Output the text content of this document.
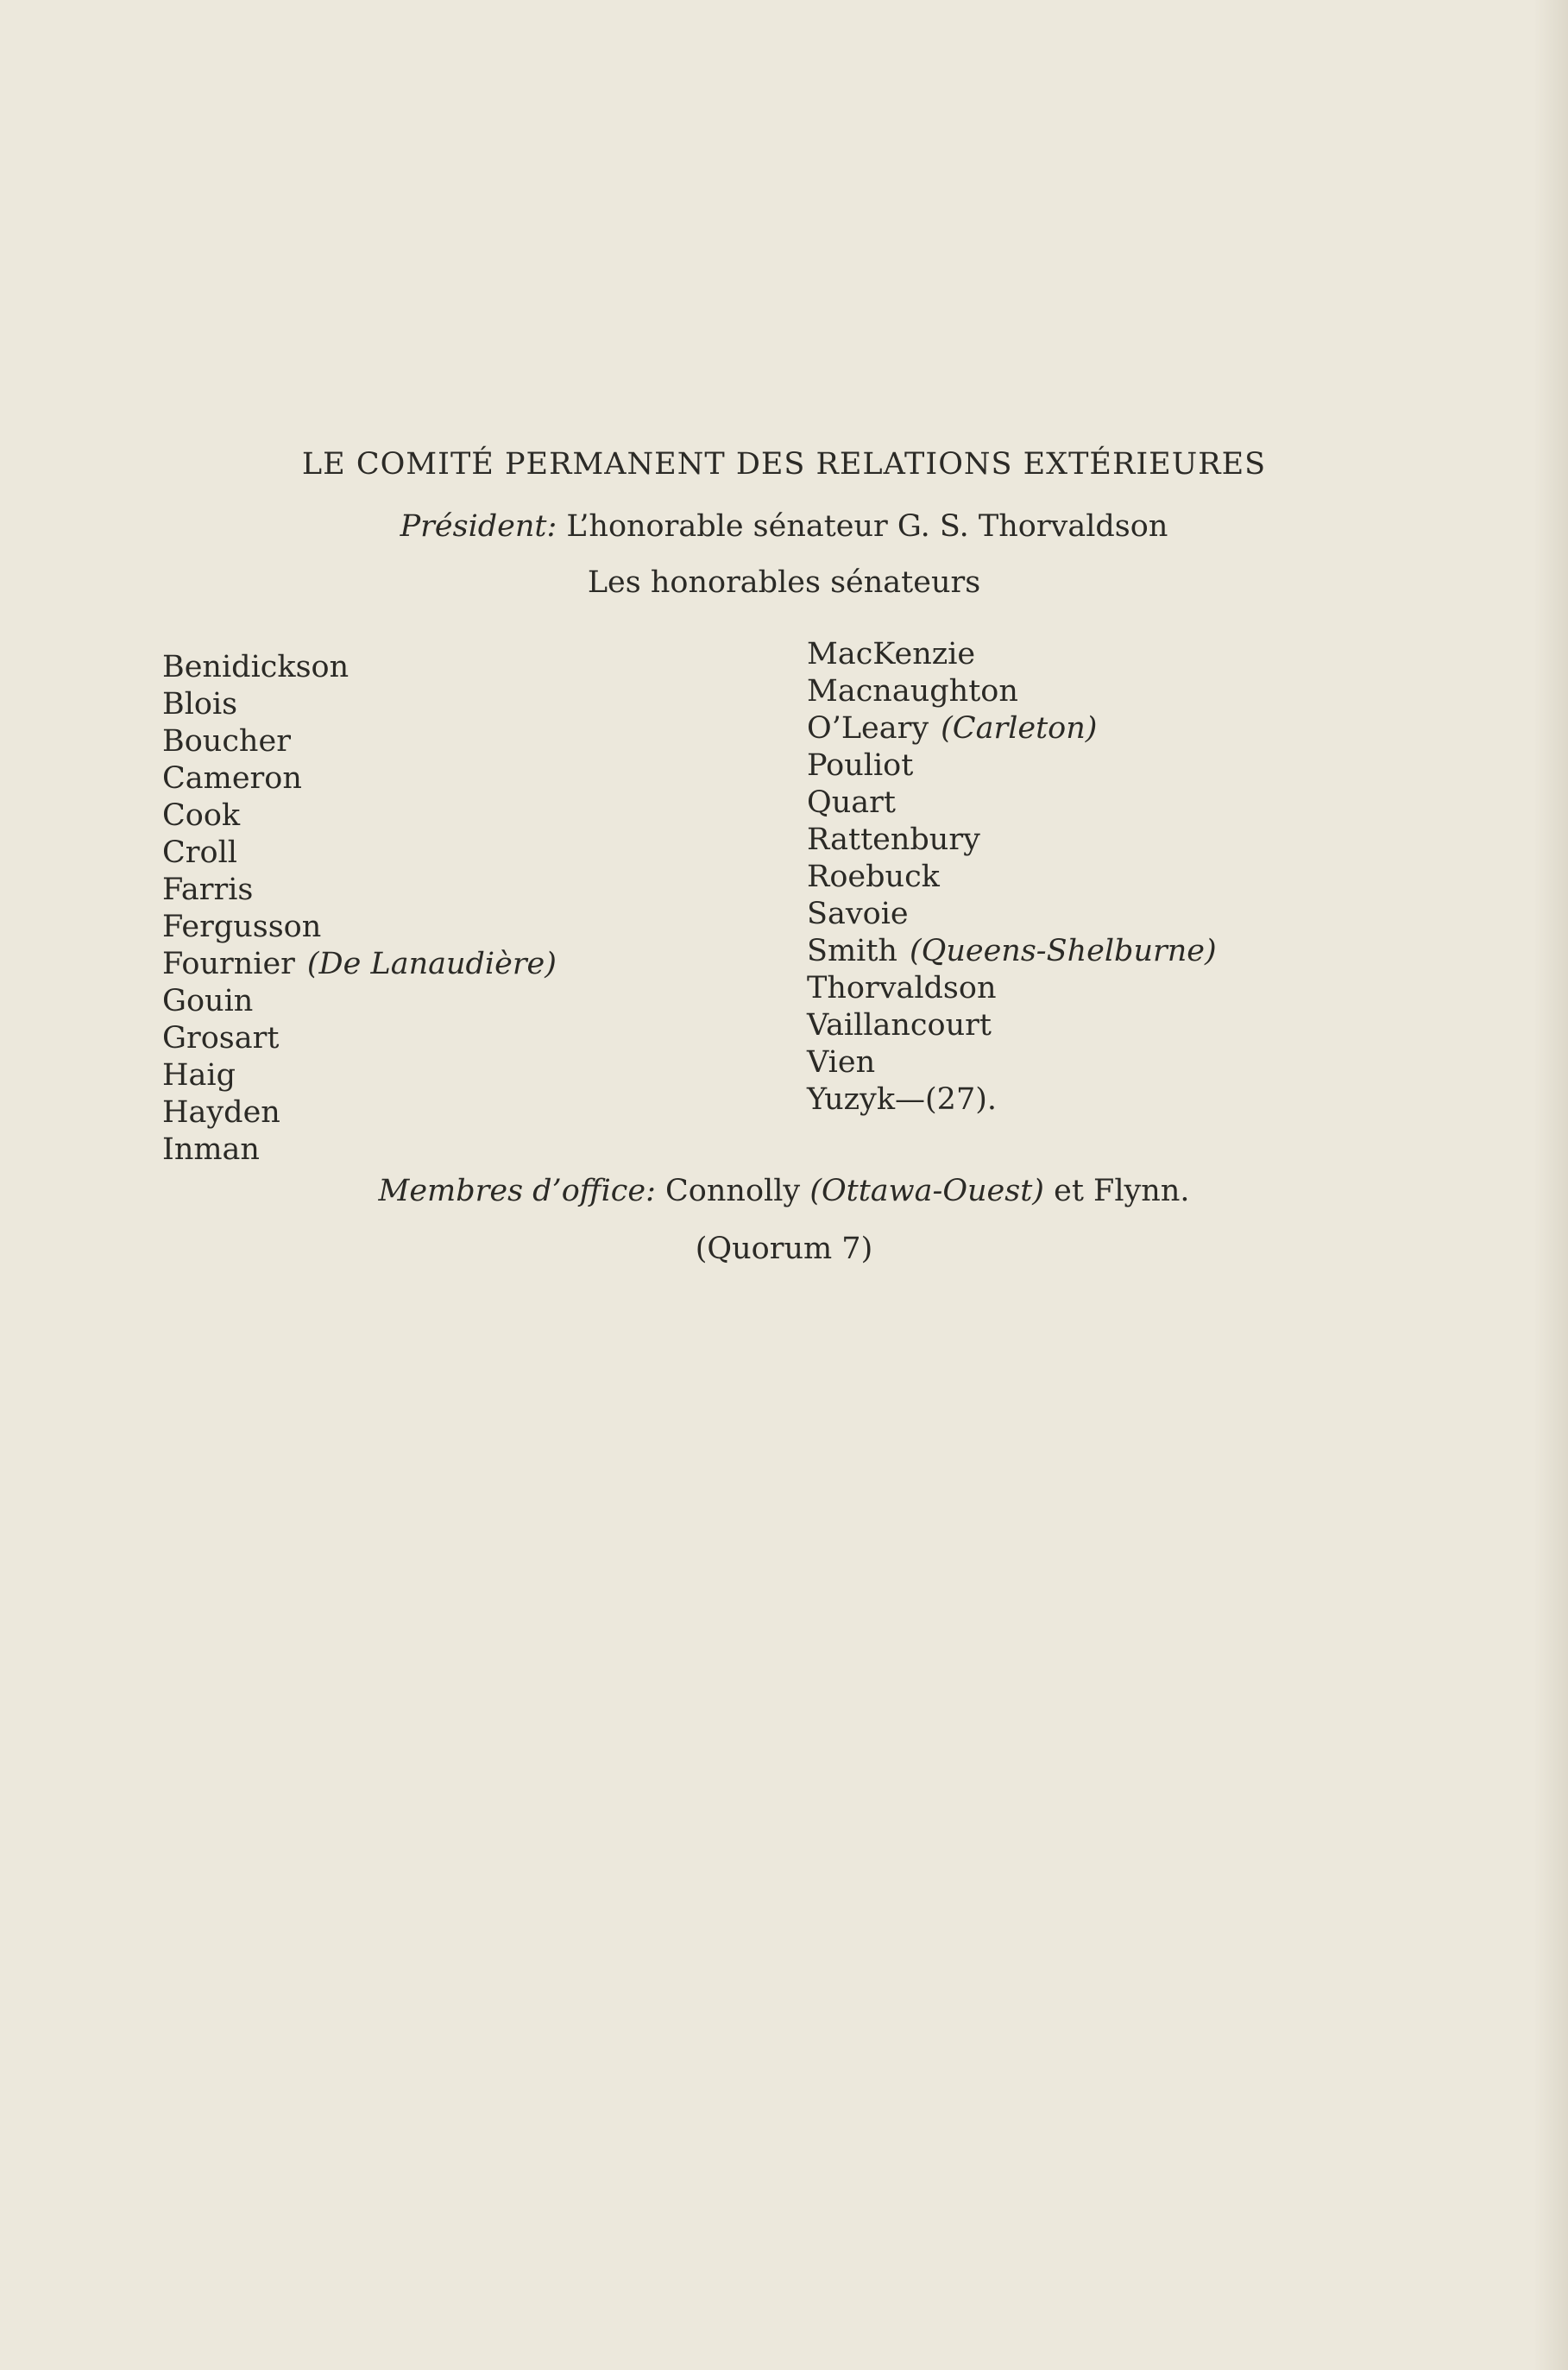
LE COMITÉ PERMANENT DES RELATIONS EXTÉRIEURES
Président: L’honorable sénateur G. S. Thorvaldson
Les honorables sénateurs
Benidickson
Blois
Boucher
Cameron
Cook
Croll
Farris
Fergusson
Fournier (De Lanaudière)
Gouin
Grosart
Haig
Hayden
Inman
MacKenzie
Macnaughton
O’Leary (Carleton)
Pouliot
Quart
Rattenbury
Roebuck
Savoie
Smith (Queens-Shelburne)
Thorvaldson
Vaillancourt
Vien
Yuzyk—(27).
Membres d’office: Connolly (Ottawa-Ouest) et Flynn.
(Quorum 7)
